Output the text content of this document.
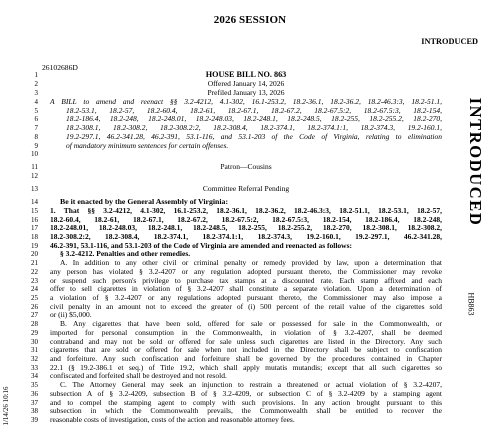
2026 SESSION
INTRODUCED
26102686D
INTRODUCED
HB863
1/14/26 10:16
1
2
3
4
5
6
7
8
9
10
11
12
13
14
15
16
17
18
19
20
21
22
23
24
25
26
27
28
29
30
31
32
33
34
35
36
37
38
39
HOUSE BILL NO. 863
Offered January 14, 2026
Prefiled January 13, 2026
A BILL to amend and reenact §§ 3.2-4212, 4.1-302, 16.1-253.2, 18.2-36.1, 18.2-36.2, 18.2-46.3:3, 18.2-51.1,
18.2-53.1, 18.2-57, 18.2-60.4, 18.2-61, 18.2-67.1, 18.2-67.2, 18.2-67.5:2, 18.2-67.5:3, 18.2-154,
18.2-186.4, 18.2-248, 18.2-248.01, 18.2-248.03, 18.2-248.1, 18.2-248.5, 18.2-255, 18.2-255.2, 18.2-270,
18.2-308.1, 18.2-308.2, 18.2-308.2:2, 18.2-308.4, 18.2-374.1, 18.2-374.1:1, 18.2-374.3, 19.2-160.1,
19.2-297.1, 46.2-341.28, 46.2-391, 53.1-116, and 53.1-203 of the Code of Virginia, relating to elimination
of mandatory minimum sentences for certain offenses.
Patron—Cousins
Committee Referral Pending
Be it enacted by the General Assembly of Virginia:
1. That §§ 3.2-4212, 4.1-302, 16.1-253.2, 18.2-36.1, 18.2-36.2, 18.2-46.3:3, 18.2-51.1, 18.2-53.1, 18.2-57,
18.2-60.4, 18.2-61, 18.2-67.1, 18.2-67.2, 18.2-67.5:2, 18.2-67.5:3, 18.2-154, 18.2-186.4, 18.2-248,
18.2-248.01, 18.2-248.03, 18.2-248.1, 18.2-248.5, 18.2-255, 18.2-255.2, 18.2-270, 18.2-308.1, 18.2-308.2,
18.2-308.2:2, 18.2-308.4, 18.2-374.1, 18.2-374.1:1, 18.2-374.3, 19.2-160.1, 19.2-297.1, 46.2-341.28,
46.2-391, 53.1-116, and 53.1-203 of the Code of Virginia are amended and reenacted as follows:
§ 3.2-4212. Penalties and other remedies.
A. In addition to any other civil or criminal penalty or remedy provided by law, upon a determination that
any person has violated § 3.2-4207 or any regulation adopted pursuant thereto, the Commissioner may revoke
or suspend such person's privilege to purchase tax stamps at a discounted rate. Each stamp affixed and each
offer to sell cigarettes in violation of § 3.2-4207 shall constitute a separate violation. Upon a determination of
a violation of § 3.2-4207 or any regulations adopted pursuant thereto, the Commissioner may also impose a
civil penalty in an amount not to exceed the greater of (i) 500 percent of the retail value of the cigarettes sold
or (ii) $5,000.
B. Any cigarettes that have been sold, offered for sale or possessed for sale in the Commonwealth, or
imported for personal consumption in the Commonwealth, in violation of § 3.2-4207, shall be deemed
contraband and may not be sold or offered for sale unless such cigarettes are listed in the Directory. Any such
cigarettes that are sold or offered for sale when not included in the Directory shall be subject to confiscation
and forfeiture. Any such confiscation and forfeiture shall be governed by the procedures contained in Chapter
22.1 (§ 19.2-386.1 et seq.) of Title 19.2, which shall apply mutatis mutandis; except that all such cigarettes so
confiscated and forfeited shall be destroyed and not resold.
C. The Attorney General may seek an injunction to restrain a threatened or actual violation of § 3.2-4207,
subsection A of § 3.2-4209, subsection B of § 3.2-4209, or subsection C of § 3.2-4209 by a stamping agent
and to compel the stamping agent to comply with such provisions. In any action brought pursuant to this
subsection in which the Commonwealth prevails, the Commonwealth shall be entitled to recover the
reasonable costs of investigation, costs of the action and reasonable attorney fees.
